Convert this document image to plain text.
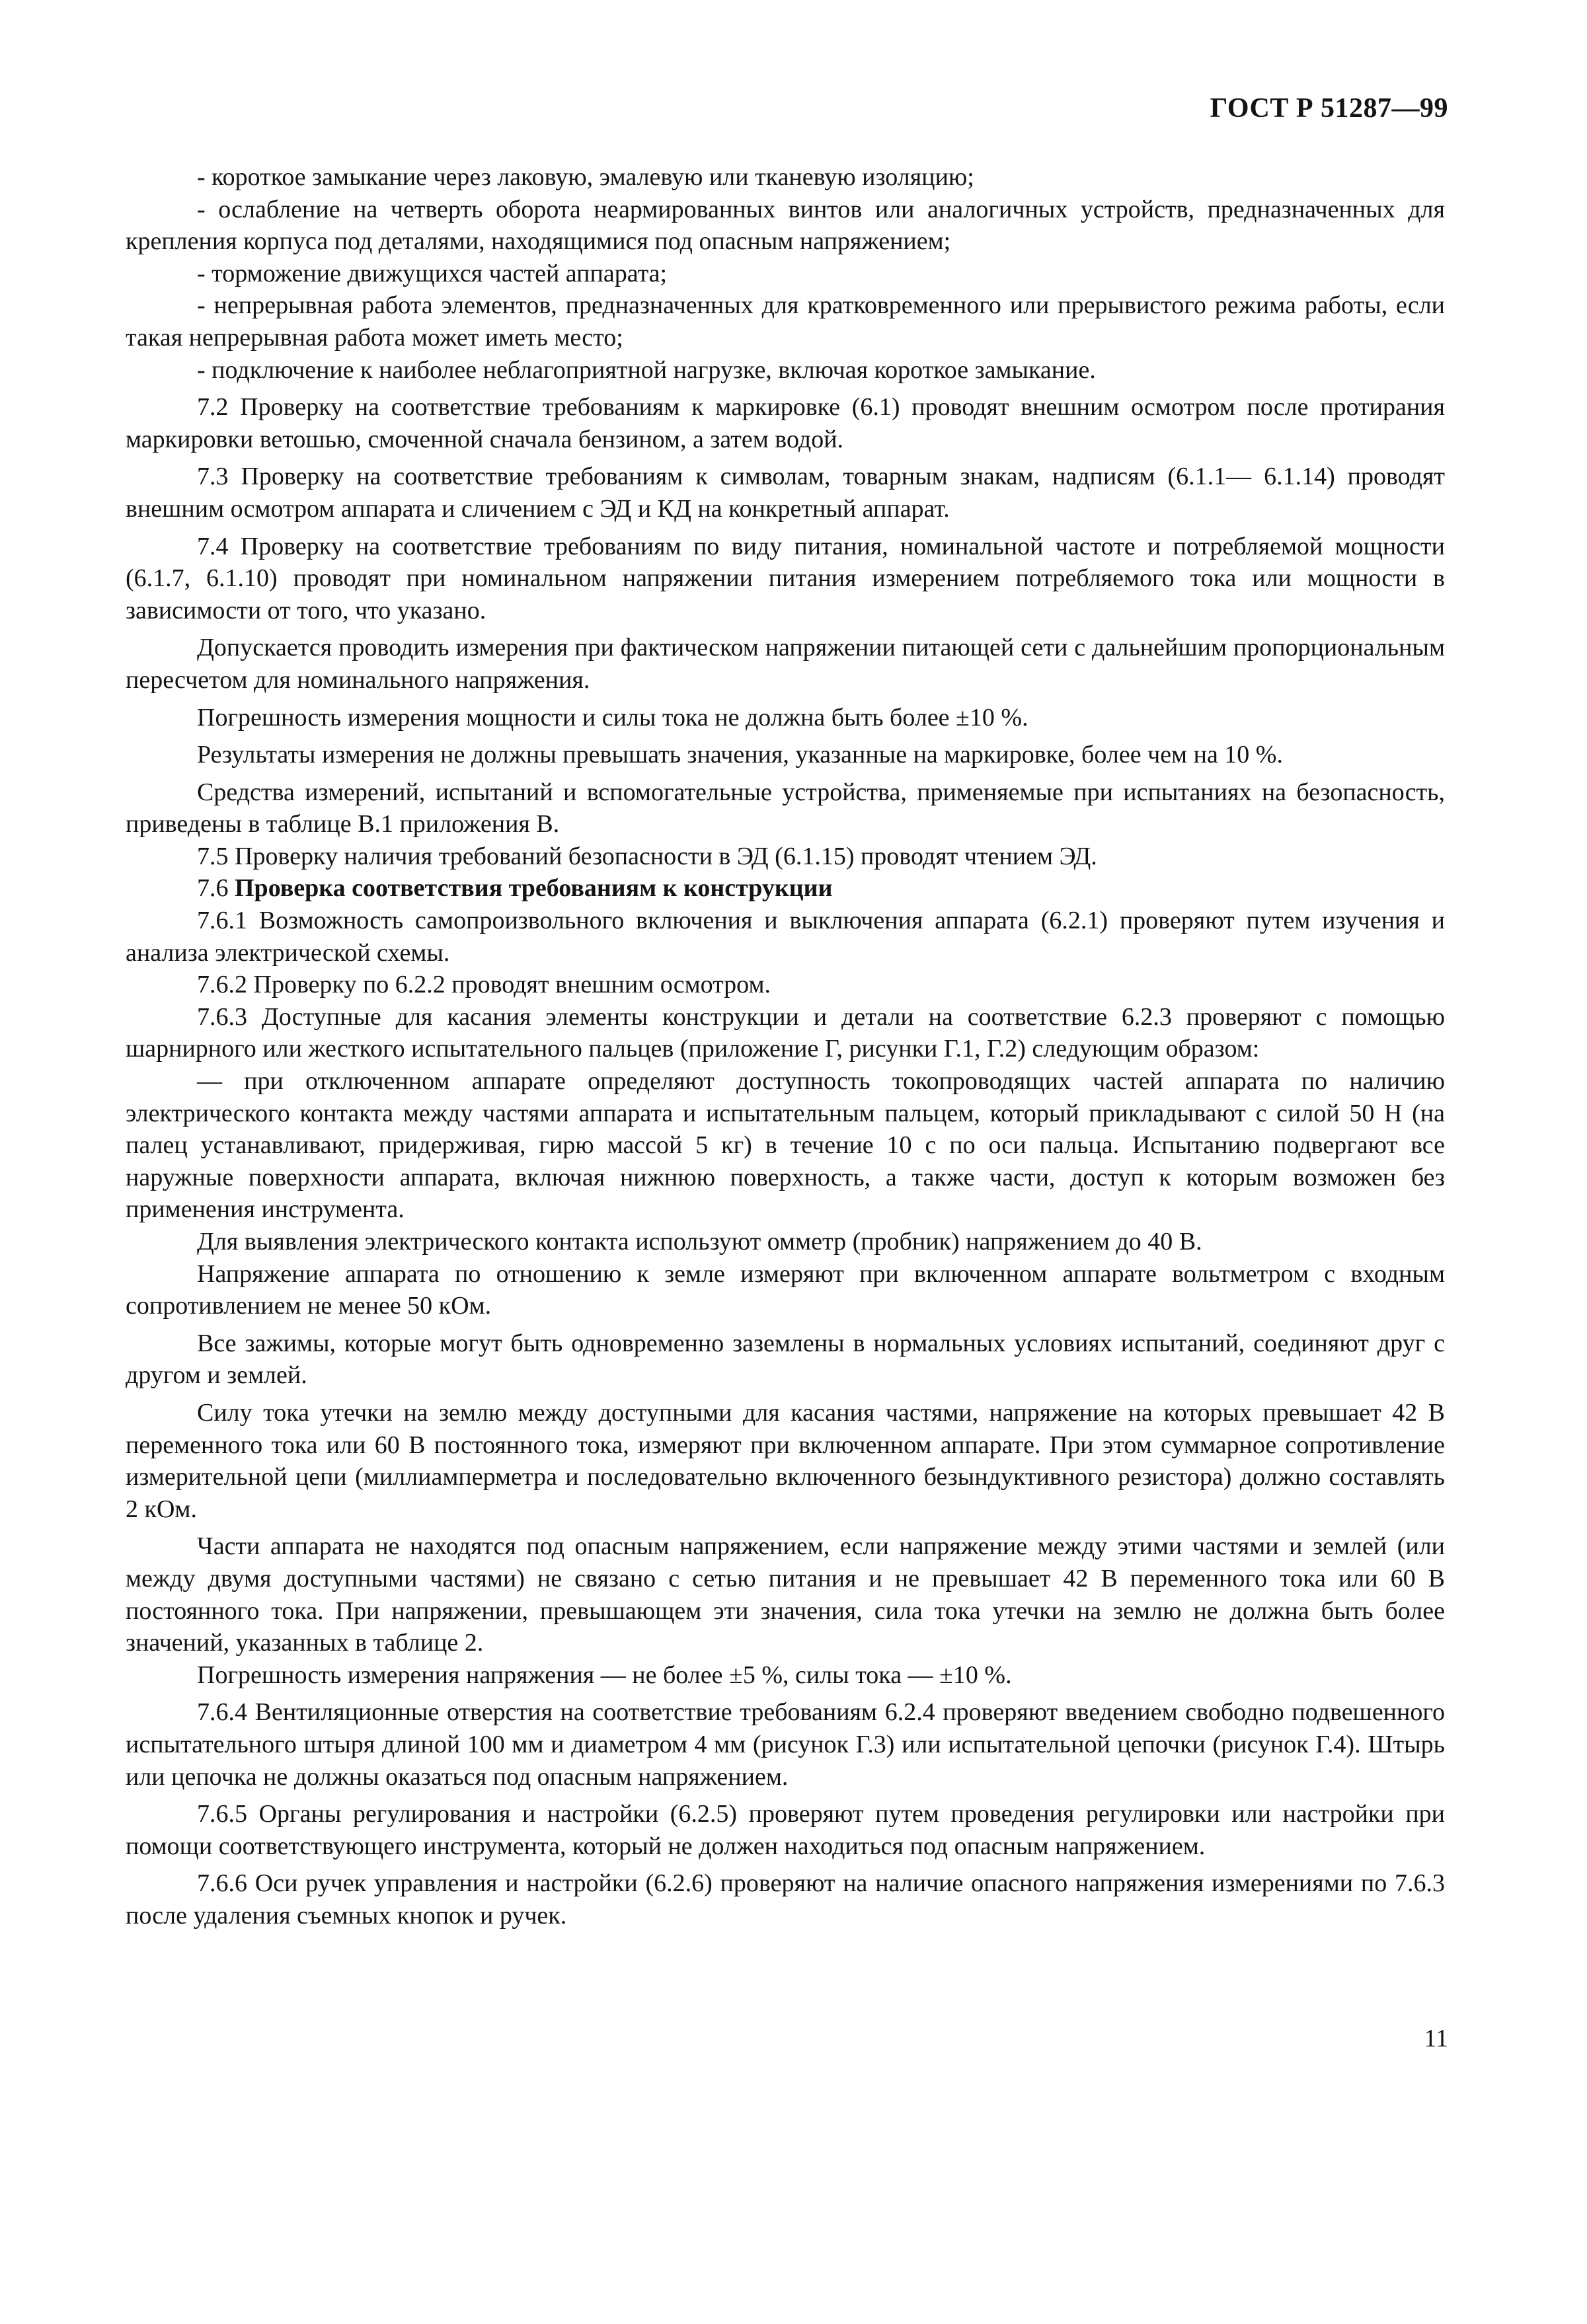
ГОСТ Р 51287—99

- короткое замыкание через лаковую, эмалевую или тканевую изоляцию;

- ослабление на четверть оборота неармированных винтов или аналогичных устройств, предназначенных для крепления корпуса под деталями, находящимися под опасным напряжением;

- торможение движущихся частей аппарата;

- непрерывная работа элементов, предназначенных для кратковременного или прерывистого режима работы, если такая непрерывная работа может иметь место;

- подключение к наиболее неблагоприятной нагрузке, включая короткое замыкание.

7.2 Проверку на соответствие требованиям к маркировке (6.1) проводят внешним осмотром после протирания маркировки ветошью, смоченной сначала бензином, а затем водой.

7.3 Проверку на соответствие требованиям к символам, товарным знакам, надписям (6.1.1— 6.1.14) проводят внешним осмотром аппарата и сличением с ЭД и КД на конкретный аппарат.

7.4 Проверку на соответствие требованиям по виду питания, номинальной частоте и потребляемой мощности (6.1.7, 6.1.10) проводят при номинальном напряжении питания измерением потребляемого тока или мощности в зависимости от того, что указано.

Допускается проводить измерения при фактическом напряжении питающей сети с дальнейшим пропорциональным пересчетом для номинального напряжения.

Погрешность измерения мощности и силы тока не должна быть более ±10 %.

Результаты измерения не должны превышать значения, указанные на маркировке, более чем на 10 %.

Средства измерений, испытаний и вспомогательные устройства, применяемые при испытаниях на безопасность, приведены в таблице В.1 приложения В.

7.5 Проверку наличия требований безопасности в ЭД (6.1.15) проводят чтением ЭД.

7.6 Проверка соответствия требованиям к конструкции

7.6.1 Возможность самопроизвольного включения и выключения аппарата (6.2.1) проверяют путем изучения и анализа электрической схемы.

7.6.2 Проверку по 6.2.2 проводят внешним осмотром.

7.6.3 Доступные для касания элементы конструкции и детали на соответствие 6.2.3 проверяют с помощью шарнирного или жесткого испытательного пальцев (приложение Г, рисунки Г.1, Г.2) следующим образом:

— при отключенном аппарате определяют доступность токопроводящих частей аппарата по наличию электрического контакта между частями аппарата и испытательным пальцем, который прикладывают с силой 50 Н (на палец устанавливают, придерживая, гирю массой 5 кг) в течение 10 с по оси пальца. Испытанию подвергают все наружные поверхности аппарата, включая нижнюю поверхность, а также части, доступ к которым возможен без применения инструмента.

Для выявления электрического контакта используют омметр (пробник) напряжением до 40 В.

Напряжение аппарата по отношению к земле измеряют при включенном аппарате вольтметром с входным сопротивлением не менее 50 кОм.

Все зажимы, которые могут быть одновременно заземлены в нормальных условиях испытаний, соединяют друг с другом и землей.

Силу тока утечки на землю между доступными для касания частями, напряжение на которых превышает 42 В переменного тока или 60 В постоянного тока, измеряют при включенном аппарате. При этом суммарное сопротивление измерительной цепи (миллиамперметра и последовательно включенного безындуктивного резистора) должно составлять 2 кОм.

Части аппарата не находятся под опасным напряжением, если напряжение между этими частями и землей (или между двумя доступными частями) не связано с сетью питания и не превышает 42 В переменного тока или 60 В постоянного тока. При напряжении, превышающем эти значения, сила тока утечки на землю не должна быть более значений, указанных в таблице 2.

Погрешность измерения напряжения — не более ±5 %, силы тока — ±10 %.

7.6.4 Вентиляционные отверстия на соответствие требованиям 6.2.4 проверяют введением свободно подвешенного испытательного штыря длиной 100 мм и диаметром 4 мм (рисунок Г.3) или испытательной цепочки (рисунок Г.4). Штырь или цепочка не должны оказаться под опасным напряжением.

7.6.5 Органы регулирования и настройки (6.2.5) проверяют путем проведения регулировки или настройки при помощи соответствующего инструмента, который не должен находиться под опасным напряжением.

7.6.6 Оси ручек управления и настройки (6.2.6) проверяют на наличие опасного напряжения измерениями по 7.6.3 после удаления съемных кнопок и ручек.

11
